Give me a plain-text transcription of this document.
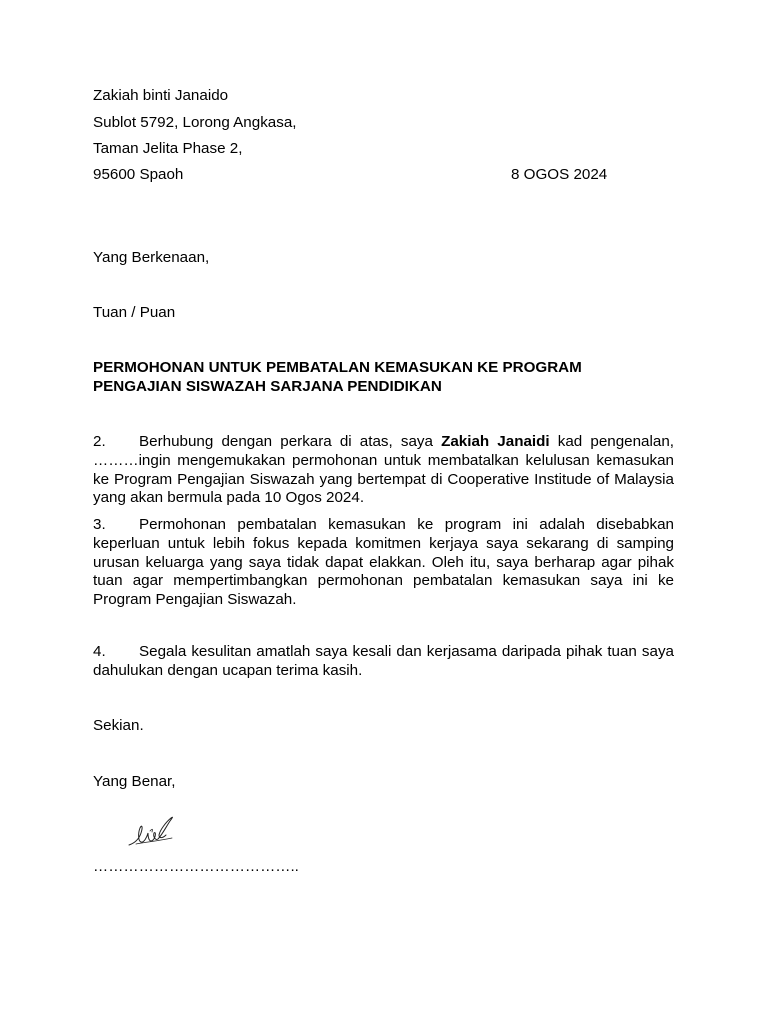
Zakiah binti Janaido
Sublot 5792, Lorong Angkasa,
Taman Jelita Phase 2,
95600 Spaoh	8 OGOS 2024
Yang Berkenaan,
Tuan / Puan
PERMOHONAN UNTUK PEMBATALAN KEMASUKAN KE PROGRAM
PENGAJIAN SISWAZAH SARJANA PENDIDIKAN
2. Berhubung dengan perkara di atas, saya Zakiah Janaidi kad pengenalan, ………ingin mengemukakan permohonan untuk membatalkan kelulusan kemasukan ke Program Pengajian Siswazah yang bertempat di Cooperative Institude of Malaysia yang akan bermula pada 10 Ogos 2024.
3. Permohonan pembatalan kemasukan ke program ini adalah disebabkan keperluan untuk lebih fokus kepada komitmen kerjaya saya sekarang di samping urusan keluarga yang saya tidak dapat elakkan. Oleh itu, saya berharap agar pihak tuan agar mempertimbangkan permohonan pembatalan kemasukan saya ini ke Program Pengajian Siswazah.
4. Segala kesulitan amatlah saya kesali dan kerjasama daripada pihak tuan saya dahulukan dengan ucapan terima kasih.
Sekian.
Yang Benar,
…………………………………..
